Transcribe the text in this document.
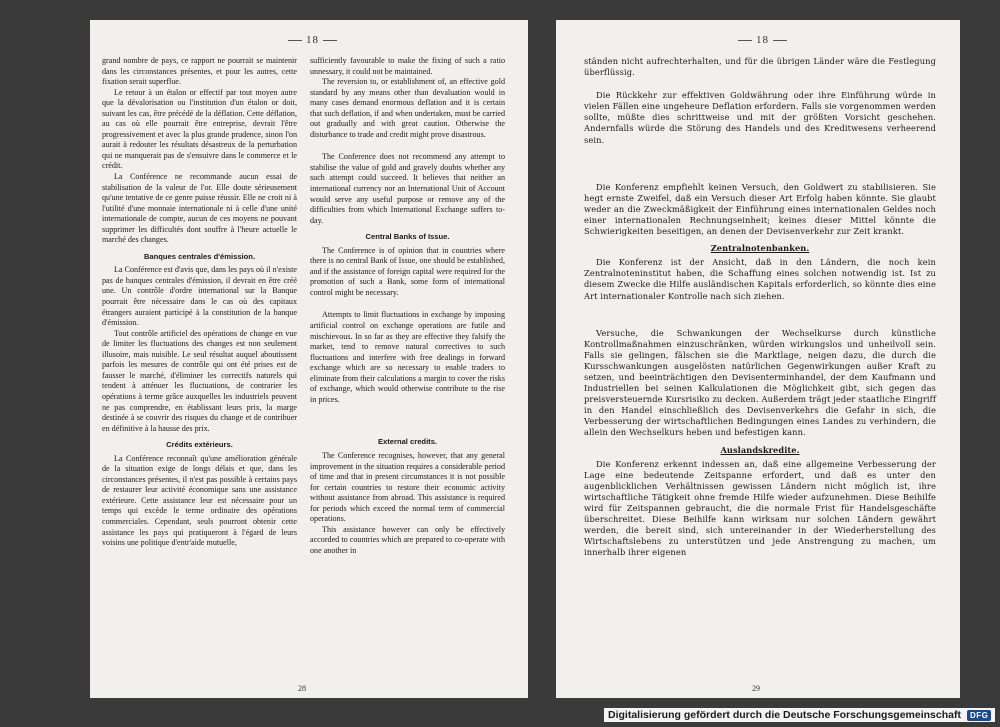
18

grand nombre de pays, ce rapport ne pourrait se maintenir dans les circonstances présentes, et pour les autres, cette fixation serait superflue.

Le retour à un étalon or effectif par tout moyen autre que la dévalorisation ou l'institution d'un étalon or doit, suivant les cas, être précédé de la déflation. Cette déflation, au cas où elle pourrait être entreprise, devrait l'être progressivement et avec la plus grande prudence, sinon l'on aurait à redouter les résultats désastreux de la perturbation qui ne manquerait pas de s'ensuivre dans le commerce et le crédit.

La Conférence ne recommande aucun essai de stabilisation de la valeur de l'or. Elle doute sérieusement qu'une tentative de ce genre puisse réussir. Elle ne croit ni à l'utilité d'une monnaie internationale ni à celle d'une unité internationale de compte, aucun de ces moyens ne pouvant supprimer les difficultés dont souffre à l'heure actuelle le marché des changes.

Banques centrales d'émission.

La Conférence est d'avis que, dans les pays où il n'existe pas de banques centrales d'émission, il devrait en être créé une. Un contrôle d'ordre international sur la Banque pourrait être nécessaire dans le cas où des capitaux étrangers auraient participé à la constitution de la banque d'émission.

Tout contrôle artificiel des opérations de change en vue de limiter les fluctuations des changes est non seulement illusoire, mais nuisible. Le seul résultat auquel aboutissent parfois les mesures de contrôle qui ont été prises est de fausser le marché, d'éliminer les correctifs naturels qui tendent à atténuer les fluctuations, de contrarier les opérations à terme grâce auxquelles les industriels peuvent ne pas comprendre, en établissant leurs prix, la marge destinée à se couvrir des risques du change et de contribuer en définitive à la hausse des prix.

Crédits extérieurs.

La Conférence reconnaît qu'une amélioration générale de la situation exige de longs délais et que, dans les circonstances présentes, il n'est pas possible à certains pays de restaurer leur activité économique sans une assistance extérieure. Cette assistance leur est nécessaire pour un temps qui excède le terme ordinaire des opérations commerciales. Cependant, seuls pourront obtenir cette assistance les pays qui pratiqueront à l'égard de leurs voisins une politique d'entr'aide mutuelle,

sufficiently favourable to make the fixing of such a ratio unnessary, it could not be maintained.

The reversion to, or establishment of, an effective gold standard by any means other than devaluation would in many cases demand enormous deflation and it is certain that such deflation, if and when undertaken, must be carried out gradually and with great caution. Otherwise the disturbance to trade and credit might prove disastrous.

The Conference does not recommend any attempt to stabilise the value of gold and gravely doubts whether any such attempt could succeed. It believes that neither an international currency nor an International Unit of Account would serve any useful purpose or remove any of the difficulties from which International Exchange suffers to-day.

Central Banks of Issue.

The Conference is of opinion that in countries where there is no central Bank of Issue, one should be established, and if the assistance of foreign capital were required for the promotion of such a Bank, some form of international control might be necessary.

Attempts to limit fluctuations in exchange by imposing artificial control on exchange operations are futile and mischievous. In so far as they are effective they falsify the market, tend to remove natural correctives to such fluctuations and interfere with free dealings in forward exchange which are so necessary to enable traders to eliminate from their calculations a margin to cover the risks of exchange, which would otherwise contribute to the rise in prices.

External credits.

The Conference recognises, however, that any general improvement in the situation requires a considerable period of time and that in present circumstances it is not possible for certain countries to restore their economic activity without assistance from abroad. This assistance is required for periods which exceed the normal term of commercial operations.

This assistance however can only be effectively accorded to countries which are prepared to co-operate with one another in

28
18

ständen nicht aufrechterhalten, und für die übrigen Länder wäre die Festlegung überflüssig.

Die Rückkehr zur effektiven Goldwährung oder ihre Einführung würde in vielen Fällen eine ungeheure Deflation erfordern. Falls sie vorgenommen werden sollte, müßte dies schrittweise und mit der größten Vorsicht geschehen. Andernfalls würde die Störung des Handels und des Kreditwesens verheerend sein.

Die Konferenz empfiehlt keinen Versuch, den Goldwert zu stabilisieren. Sie hegt ernste Zweifel, daß ein Versuch dieser Art Erfolg haben könnte. Sie glaubt weder an die Zweckmäßigkeit der Einführung eines internationalen Geldes noch einer internationalen Rechnungseinheit; keines dieser Mittel könnte die Schwierigkeiten beseitigen, an denen der Devisenverkehr zur Zeit krankt.

Zentralnotenbanken.

Die Konferenz ist der Ansicht, daß in den Ländern, die noch kein Zentralnoteninstitut haben, die Schaffung eines solchen notwendig ist. Ist zu diesem Zwecke die Hilfe ausländischen Kapitals erforderlich, so könnte dies eine Art internationaler Kontrolle nach sich ziehen.

Versuche, die Schwankungen der Wechselkurse durch künstliche Kontrollmaßnahmen einzuschränken, würden wirkungslos und unheilvoll sein. Falls sie gelingen, fälschen sie die Marktlage, neigen dazu, die durch die Kursschwankungen ausgelösten natürlichen Gegenwirkungen außer Kraft zu setzen, und beeinträchtigen den Devisenterminhandel, der dem Kaufmann und Industriellen bei seinen Kalkulationen die Möglichkeit gibt, sich gegen das preisversteuernde Kursrisiko zu decken. Außerdem trägt jeder staatliche Eingriff in den Handel einschließlich des Devisenverkehrs die Gefahr in sich, die Verbesserung der wirtschaftlichen Bedingungen eines Landes zu verhindern, die allein den Wechselkurs heben und befestigen kann.

Auslandskredite.

Die Konferenz erkennt indessen an, daß eine allgemeine Verbesserung der Lage eine bedeutende Zeitspanne erfordert, und daß es unter den augenblicklichen Verhältnissen gewissen Ländern nicht möglich ist, ihre wirtschaftliche Tätigkeit ohne fremde Hilfe wieder aufzunehmen. Diese Beihilfe wird für Zeitspannen gebraucht, die die normale Frist für Handelsgeschäfte überschreitet. Diese Beihilfe kann wirksam nur solchen Ländern gewährt werden, die bereit sind, sich untereinander in der Wiederherstellung des Wirtschaftslebens zu unterstützen und jede Anstrengung zu machen, um innerhalb ihrer eigenen

29
Digitalisierung gefördert durch die Deutsche Forschungsgemeinschaft	DFG
